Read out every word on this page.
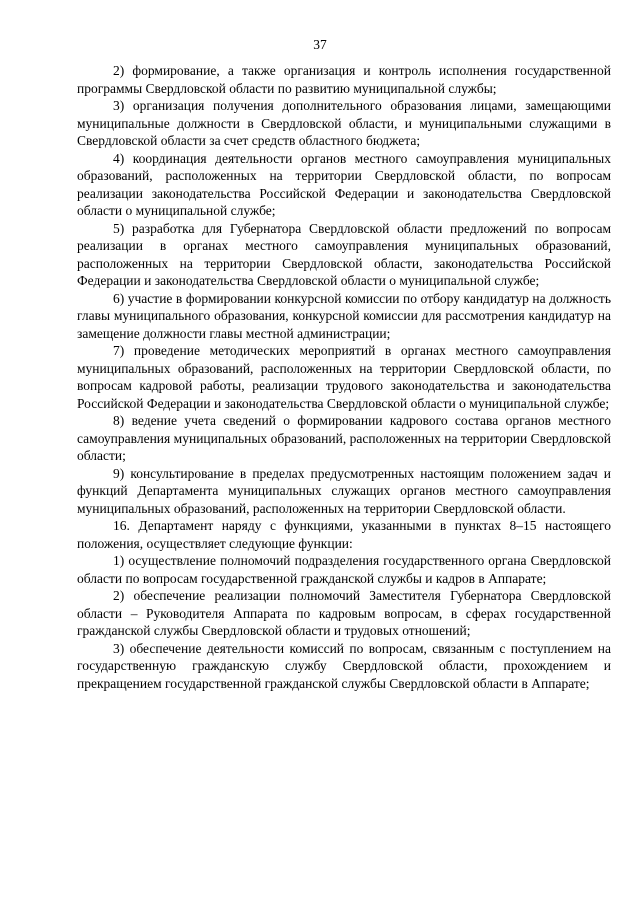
37

2) формирование, а также организация и контроль исполнения государственной программы Свердловской области по развитию муниципальной службы;

3) организация получения дополнительного образования лицами, замещающими муниципальные должности в Свердловской области, и муниципальными служащими в Свердловской области за счет средств областного бюджета;

4) координация деятельности органов местного самоуправления муниципальных образований, расположенных на территории Свердловской области, по вопросам реализации законодательства Российской Федерации и законодательства Свердловской области о муниципальной службе;

5) разработка для Губернатора Свердловской области предложений по вопросам реализации в органах местного самоуправления муниципальных образований, расположенных на территории Свердловской области, законодательства Российской Федерации и законодательства Свердловской области о муниципальной службе;

6) участие в формировании конкурсной комиссии по отбору кандидатур на должность главы муниципального образования, конкурсной комиссии для рассмотрения кандидатур на замещение должности главы местной администрации;

7) проведение методических мероприятий в органах местного самоуправления муниципальных образований, расположенных на территории Свердловской области, по вопросам кадровой работы, реализации трудового законодательства и законодательства Российской Федерации и законодательства Свердловской области о муниципальной службе;

8) ведение учета сведений о формировании кадрового состава органов местного самоуправления муниципальных образований, расположенных на территории Свердловской области;

9) консультирование в пределах предусмотренных настоящим положением задач и функций Департамента муниципальных служащих органов местного самоуправления муниципальных образований, расположенных на территории Свердловской области.

16. Департамент наряду с функциями, указанными в пунктах 8–15 настоящего положения, осуществляет следующие функции:

1) осуществление полномочий подразделения государственного органа Свердловской области по вопросам государственной гражданской службы и кадров в Аппарате;

2) обеспечение реализации полномочий Заместителя Губернатора Свердловской области – Руководителя Аппарата по кадровым вопросам, в сферах государственной гражданской службы Свердловской области и трудовых отношений;

3) обеспечение деятельности комиссий по вопросам, связанным с поступлением на государственную гражданскую службу Свердловской области, прохождением и прекращением государственной гражданской службы Свердловской области в Аппарате;
